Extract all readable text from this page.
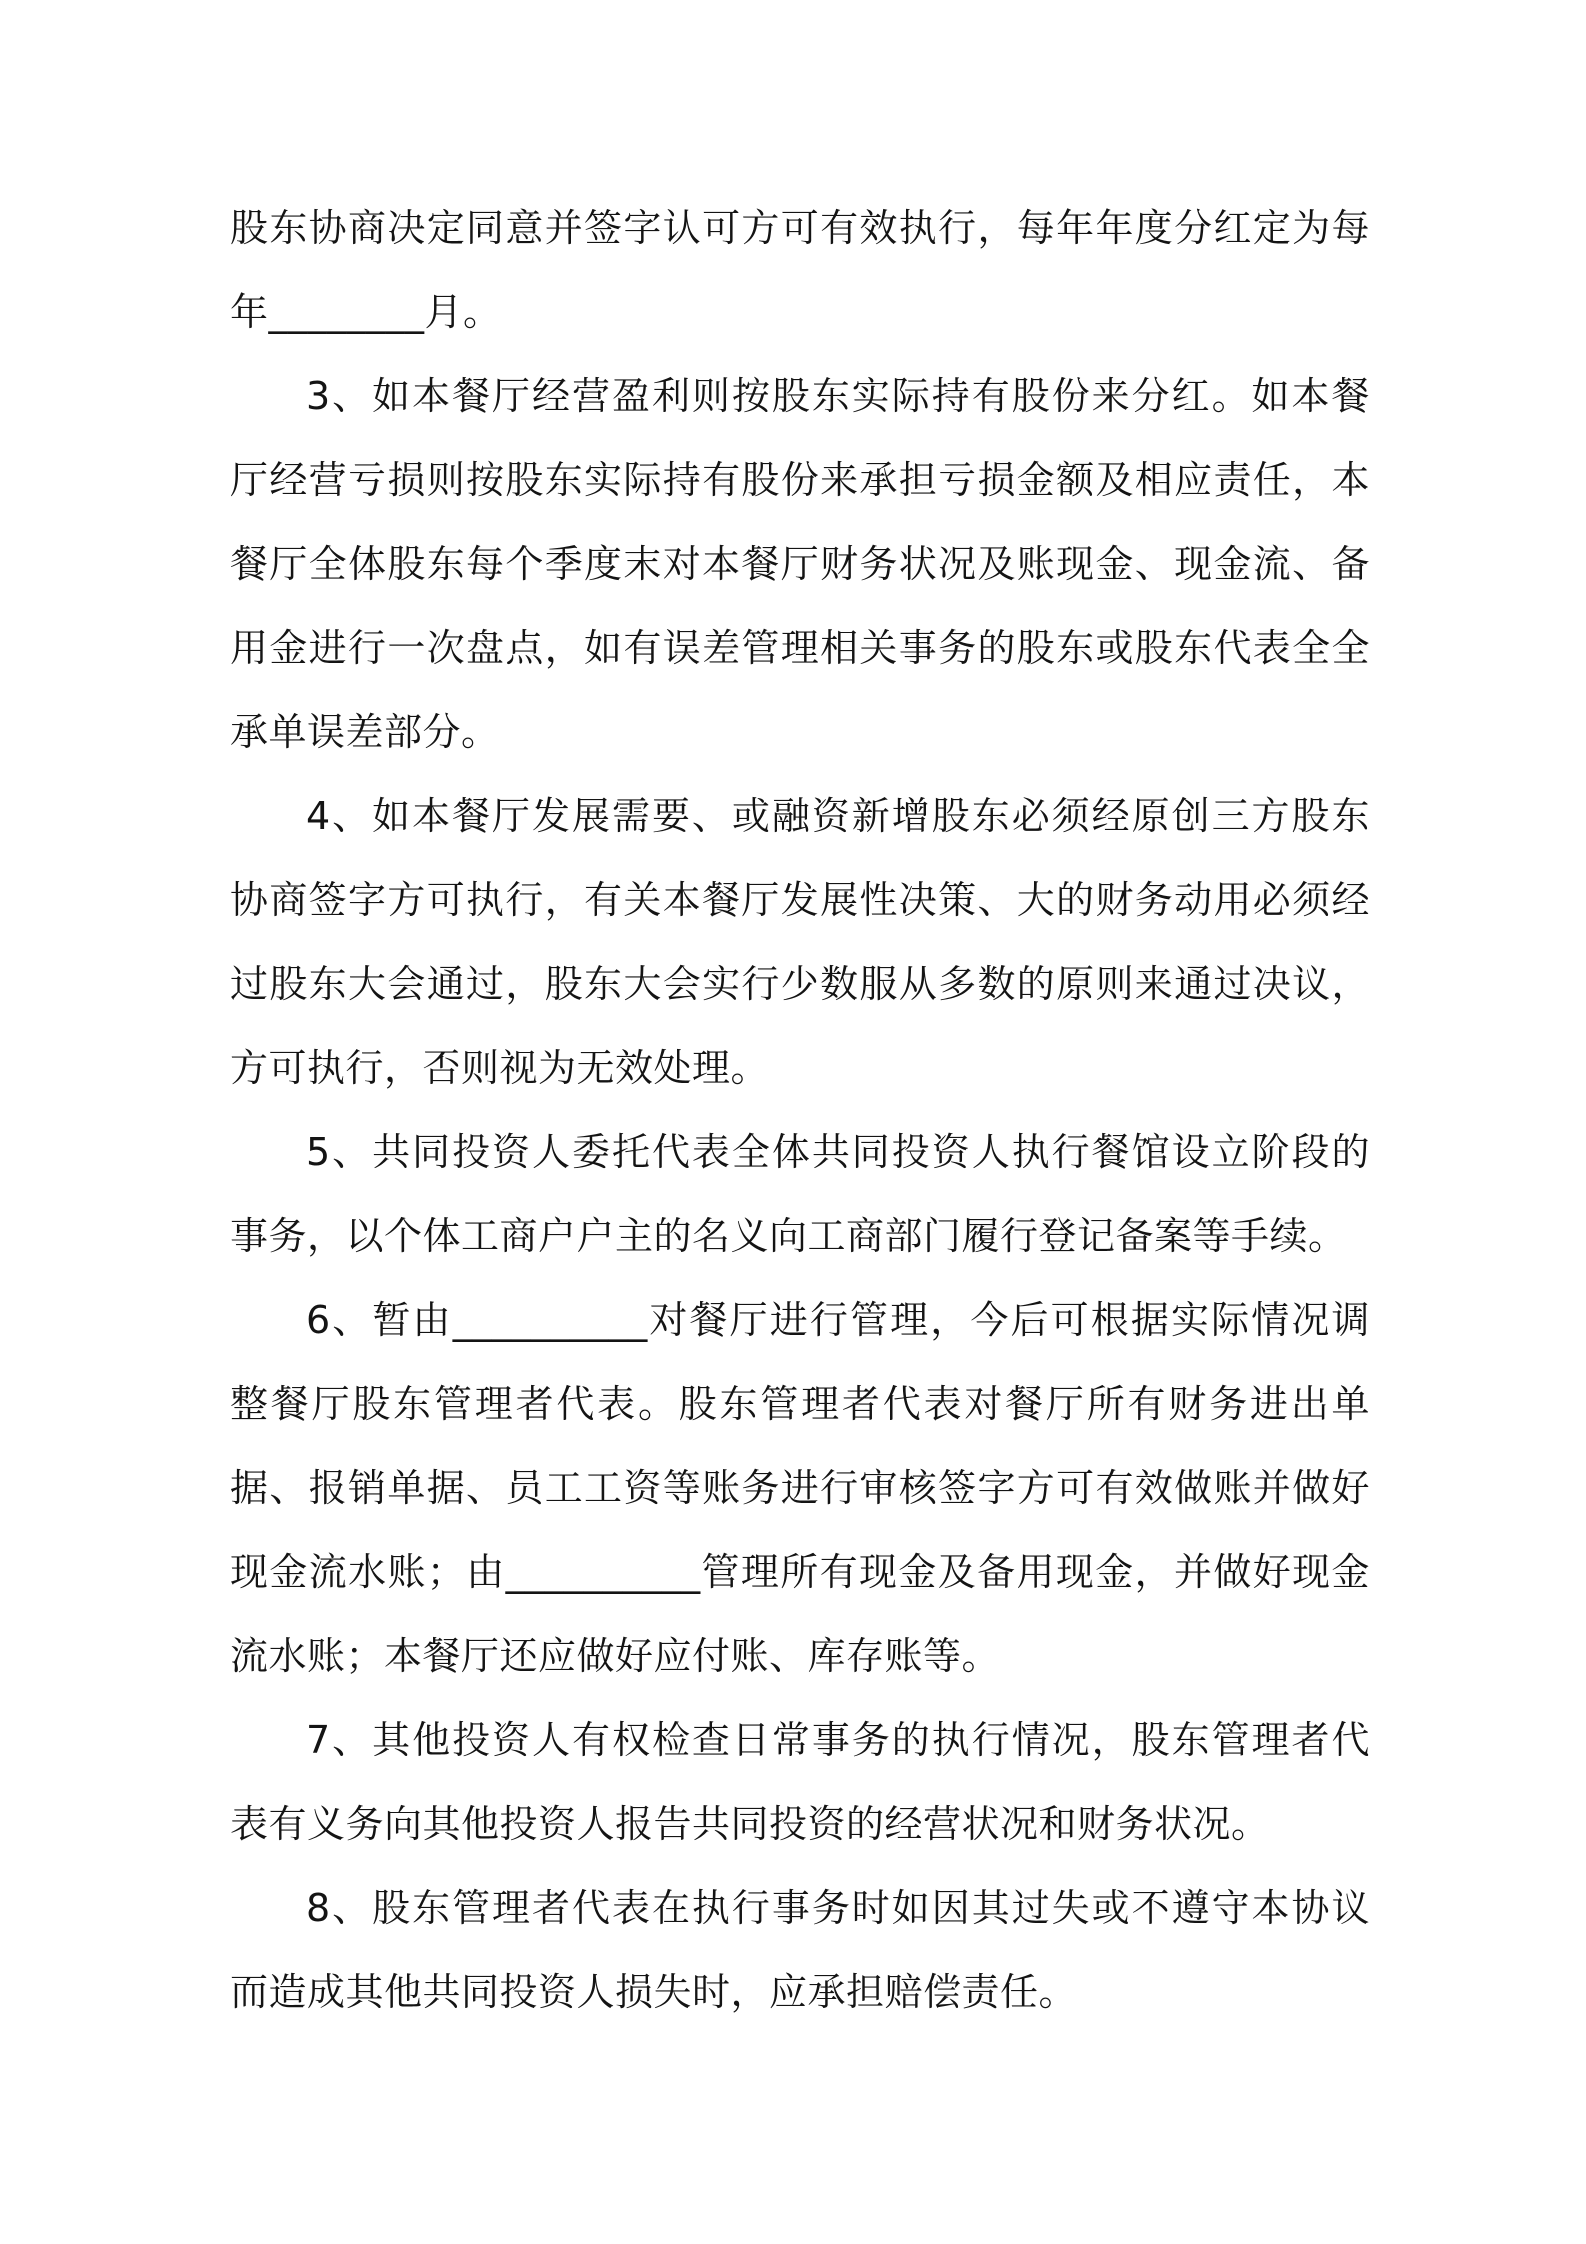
股东协商决定同意并签字认可方可有效执行，每年年度分红定为每年________月。

3、如本餐厅经营盈利则按股东实际持有股份来分红。如本餐厅经营亏损则按股东实际持有股份来承担亏损金额及相应责任，本餐厅全体股东每个季度末对本餐厅财务状况及账现金、现金流、备用金进行一次盘点，如有误差管理相关事务的股东或股东代表全全承单误差部分。

4、如本餐厅发展需要、或融资新增股东必须经原创三方股东协商签字方可执行，有关本餐厅发展性决策、大的财务动用必须经过股东大会通过，股东大会实行少数服从多数的原则来通过决议，方可执行，否则视为无效处理。

5、共同投资人委托代表全体共同投资人执行餐馆设立阶段的事务，以个体工商户户主的名义向工商部门履行登记备案等手续。

6、暂由__________对餐厅进行管理，今后可根据实际情况调整餐厅股东管理者代表。股东管理者代表对餐厅所有财务进出单据、报销单据、员工工资等账务进行审核签字方可有效做账并做好现金流水账；由__________管理所有现金及备用现金，并做好现金流水账；本餐厅还应做好应付账、库存账等。

7、其他投资人有权检查日常事务的执行情况，股东管理者代表有义务向其他投资人报告共同投资的经营状况和财务状况。

8、股东管理者代表在执行事务时如因其过失或不遵守本协议而造成其他共同投资人损失时，应承担赔偿责任。
